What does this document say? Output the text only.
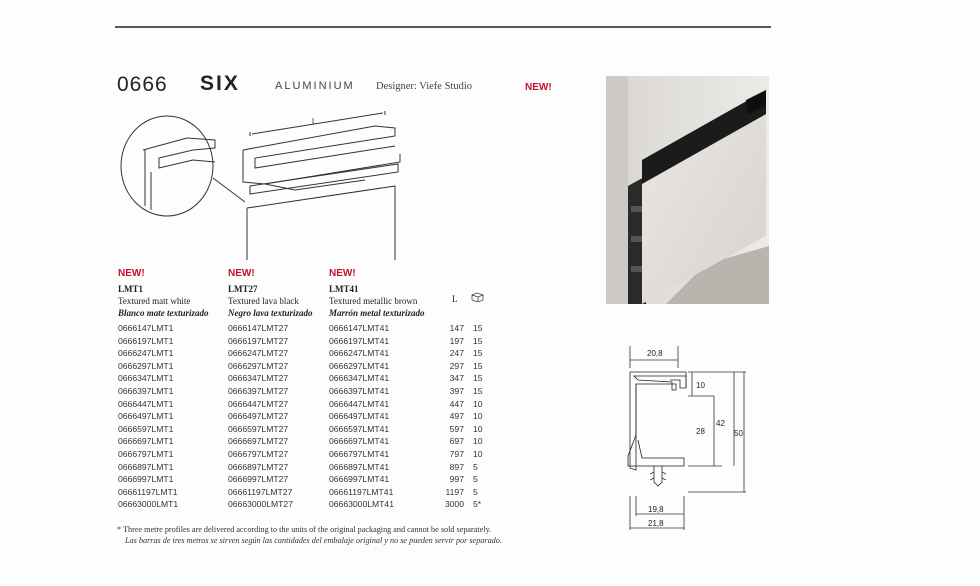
0666 SIX	ALUMINIUM Designer: Viefe Studio	NEW!
L
NEW!
LMT1
Textured matt white
Blanco mate texturizado
NEW!
LMT27
Textured lava black
Negro lava texturizado
NEW!
LMT41
Textured metallic brown
Marrón metal texturizado
L
0666147LMT1	0666147LMT27	0666147LMT41	147 15
0666197LMT1	0666197LMT27	0666197LMT41	197 15
0666247LMT1	0666247LMT27	0666247LMT41	247 15
0666297LMT1	0666297LMT27	0666297LMT41	297 15
0666347LMT1	0666347LMT27	0666347LMT41	347 15
0666397LMT1	0666397LMT27	0666397LMT41	397 15
0666447LMT1	0666447LMT27	0666447LMT41	447 10
0666497LMT1	0666497LMT27	0666497LMT41	497 10
0666597LMT1	0666597LMT27	0666597LMT41	597 10
0666697LMT1	0666697LMT27	0666697LMT41	697 10
0666797LMT1	0666797LMT27	0666797LMT41	797 10
0666897LMT1	0666897LMT27	0666897LMT41	897 5
0666997LMT1	0666997LMT27	0666997LMT41	997 5
06661197LMT1	06661197LMT27	06661197LMT41	1197 5
06663000LMT1	06663000LMT27	06663000LMT41	3000 5*
* Three metre profiles are delivered according to the units of the original packaging and cannot be sold separately.
Las barras de tres metros se sirven según las cantidades del embalaje original y no se pueden servir por separado.
20,8
10
28
42
50
19,8
21,8
